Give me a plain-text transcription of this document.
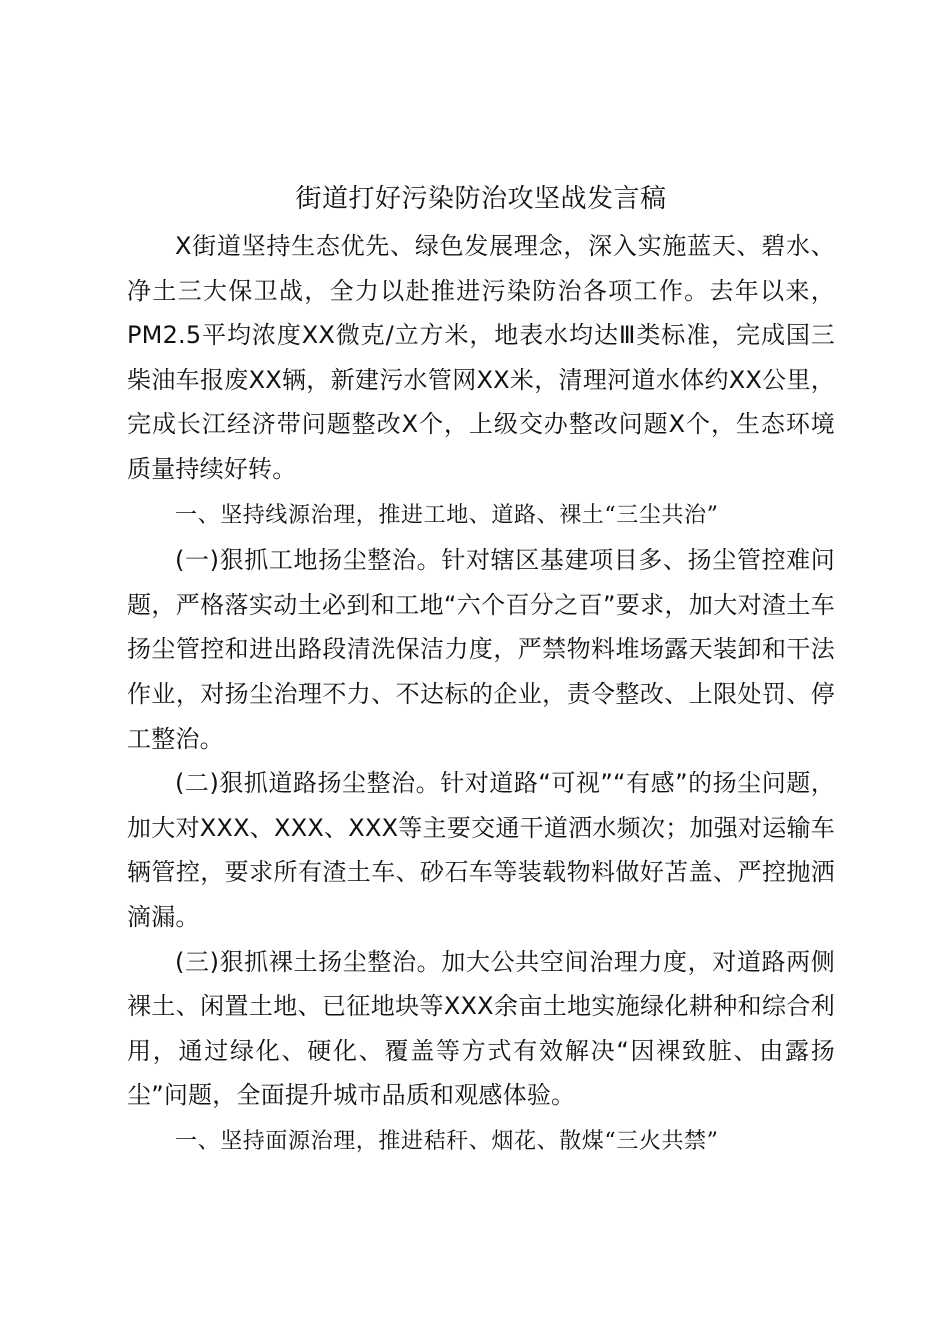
街道打好污染防治攻坚战发言稿

X街道坚持生态优先、绿色发展理念，深入实施蓝天、碧水、净土三大保卫战，全力以赴推进污染防治各项工作。去年以来，PM2.5平均浓度XX微克/立方米，地表水均达Ⅲ类标准，完成国三柴油车报废XX辆，新建污水管网XX米，清理河道水体约XX公里，完成长江经济带问题整改X个，上级交办整改问题X个，生态环境质量持续好转。

一、坚持线源治理，推进工地、道路、裸土“三尘共治”

(一)狠抓工地扬尘整治。针对辖区基建项目多、扬尘管控难问题，严格落实动土必到和工地“六个百分之百”要求，加大对渣土车扬尘管控和进出路段清洗保洁力度，严禁物料堆场露天装卸和干法作业，对扬尘治理不力、不达标的企业，责令整改、上限处罚、停工整治。

(二)狠抓道路扬尘整治。针对道路“可视”“有感”的扬尘问题，加大对XXX、XXX、XXX等主要交通干道洒水频次；加强对运输车辆管控，要求所有渣土车、砂石车等装载物料做好苫盖、严控抛洒滴漏。

(三)狠抓裸土扬尘整治。加大公共空间治理力度，对道路两侧裸土、闲置土地、已征地块等XXX余亩土地实施绿化耕种和综合利用，通过绿化、硬化、覆盖等方式有效解决“因裸致脏、由露扬尘”问题，全面提升城市品质和观感体验。

一、坚持面源治理，推进秸秆、烟花、散煤“三火共禁”
